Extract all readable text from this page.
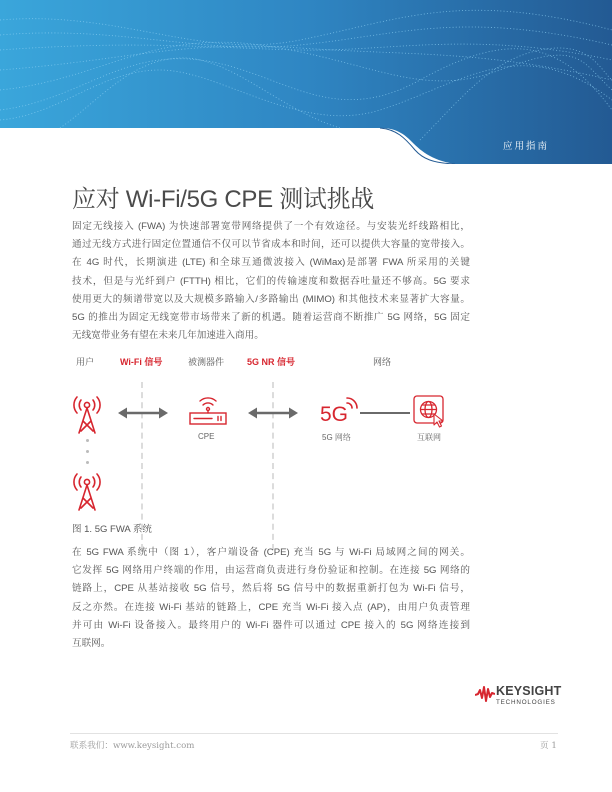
应用指南
应对 Wi-Fi/5G CPE 测试挑战
固定无线接入 (FWA) 为快速部署宽带网络提供了一个有效途径。与安装光纤线路相比，
通过无线方式进行固定位置通信不仅可以节省成本和时间，还可以提供大容量的宽带接入。
在 4G 时代，长期演进 (LTE) 和全球互通微波接入 (WiMax)是部署 FWA 所采用的关键
技术，但是与光纤到户 (FTTH) 相比，它们的传输速度和数据吞吐量还不够高。5G 要求
使用更大的频谱带宽以及大规模多路输入/多路输出 (MIMO) 和其他技术来显著扩大容量。
5G 的推出为固定无线宽带市场带来了新的机遇。随着运营商不断推广 5G 网络，5G 固定
无线宽带业务有望在未来几年加速进入商用。
用户	Wi-Fi 信号	被测器件	5G NR 信号	网络
CPE
5G
5G 网络	互联网
图 1. 5G FWA 系统
在 5G FWA 系统中（图 1），客户端设备 (CPE) 充当 5G 与 Wi-Fi 局域网之间的网关。
它发挥 5G 网络用户终端的作用，由运营商负责进行身份验证和控制。在连接 5G 网络的
链路上，CPE 从基站接收 5G 信号，然后将 5G 信号中的数据重新打包为 Wi-Fi 信号，
反之亦然。在连接 Wi-Fi 基站的链路上，CPE 充当 Wi-Fi 接入点 (AP)，由用户负责管理
并可由 Wi-Fi 设备接入。最终用户的 Wi-Fi 器件可以通过 CPE 接入的 5G 网络连接到
互联网。
KEYSIGHT
TECHNOLOGIES
联系我们：www.keysight.com	页 1
